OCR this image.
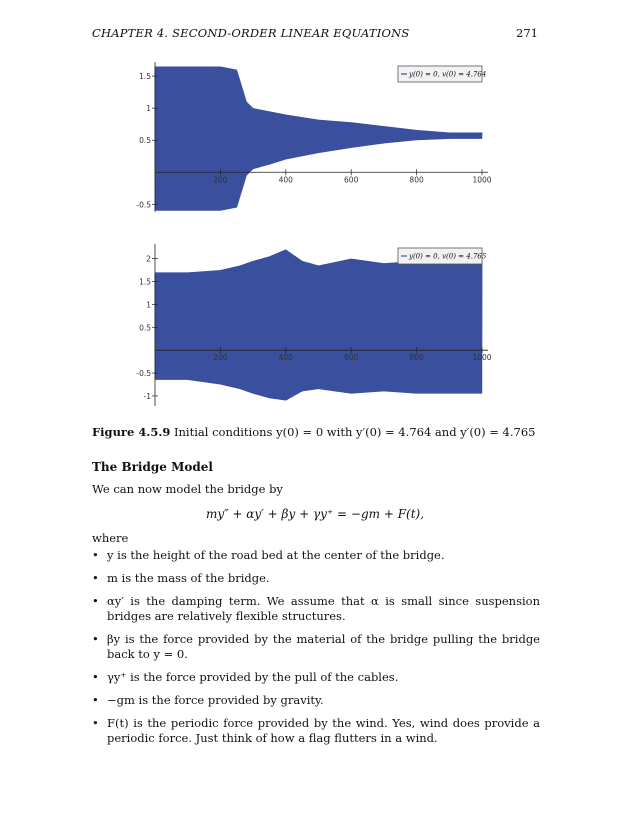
CHAPTER 4. SECOND-ORDER LINEAR EQUATIONS	271
200	400	600	800	1000
-0.5
0.5
1
1.5	y(0) = 0, v(0) = 4.764
200	400	600	800	1000
-1
-0.5
0.5
1
1.5
2	y(0) = 0, v(0) = 4.765
Figure 4.5.9 Initial conditions y(0) = 0 with y′(0) = 4.764 and y′(0) = 4.765
The Bridge Model
We can now model the bridge by
my″ + αy′ + βy + γy⁺ = −gm + F(t),
where
• y is the height of the road bed at the center of the bridge.
• m is the mass of the bridge.
• αy′ is the damping term. We assume that α is small since suspension bridges are relatively flexible structures.
• βy is the force provided by the material of the bridge pulling the bridge back to y = 0.
• γy⁺ is the force provided by the pull of the cables.
• −gm is the force provided by gravity.
• F(t) is the periodic force provided by the wind. Yes, wind does provide a periodic force. Just think of how a flag flutters in a wind.
